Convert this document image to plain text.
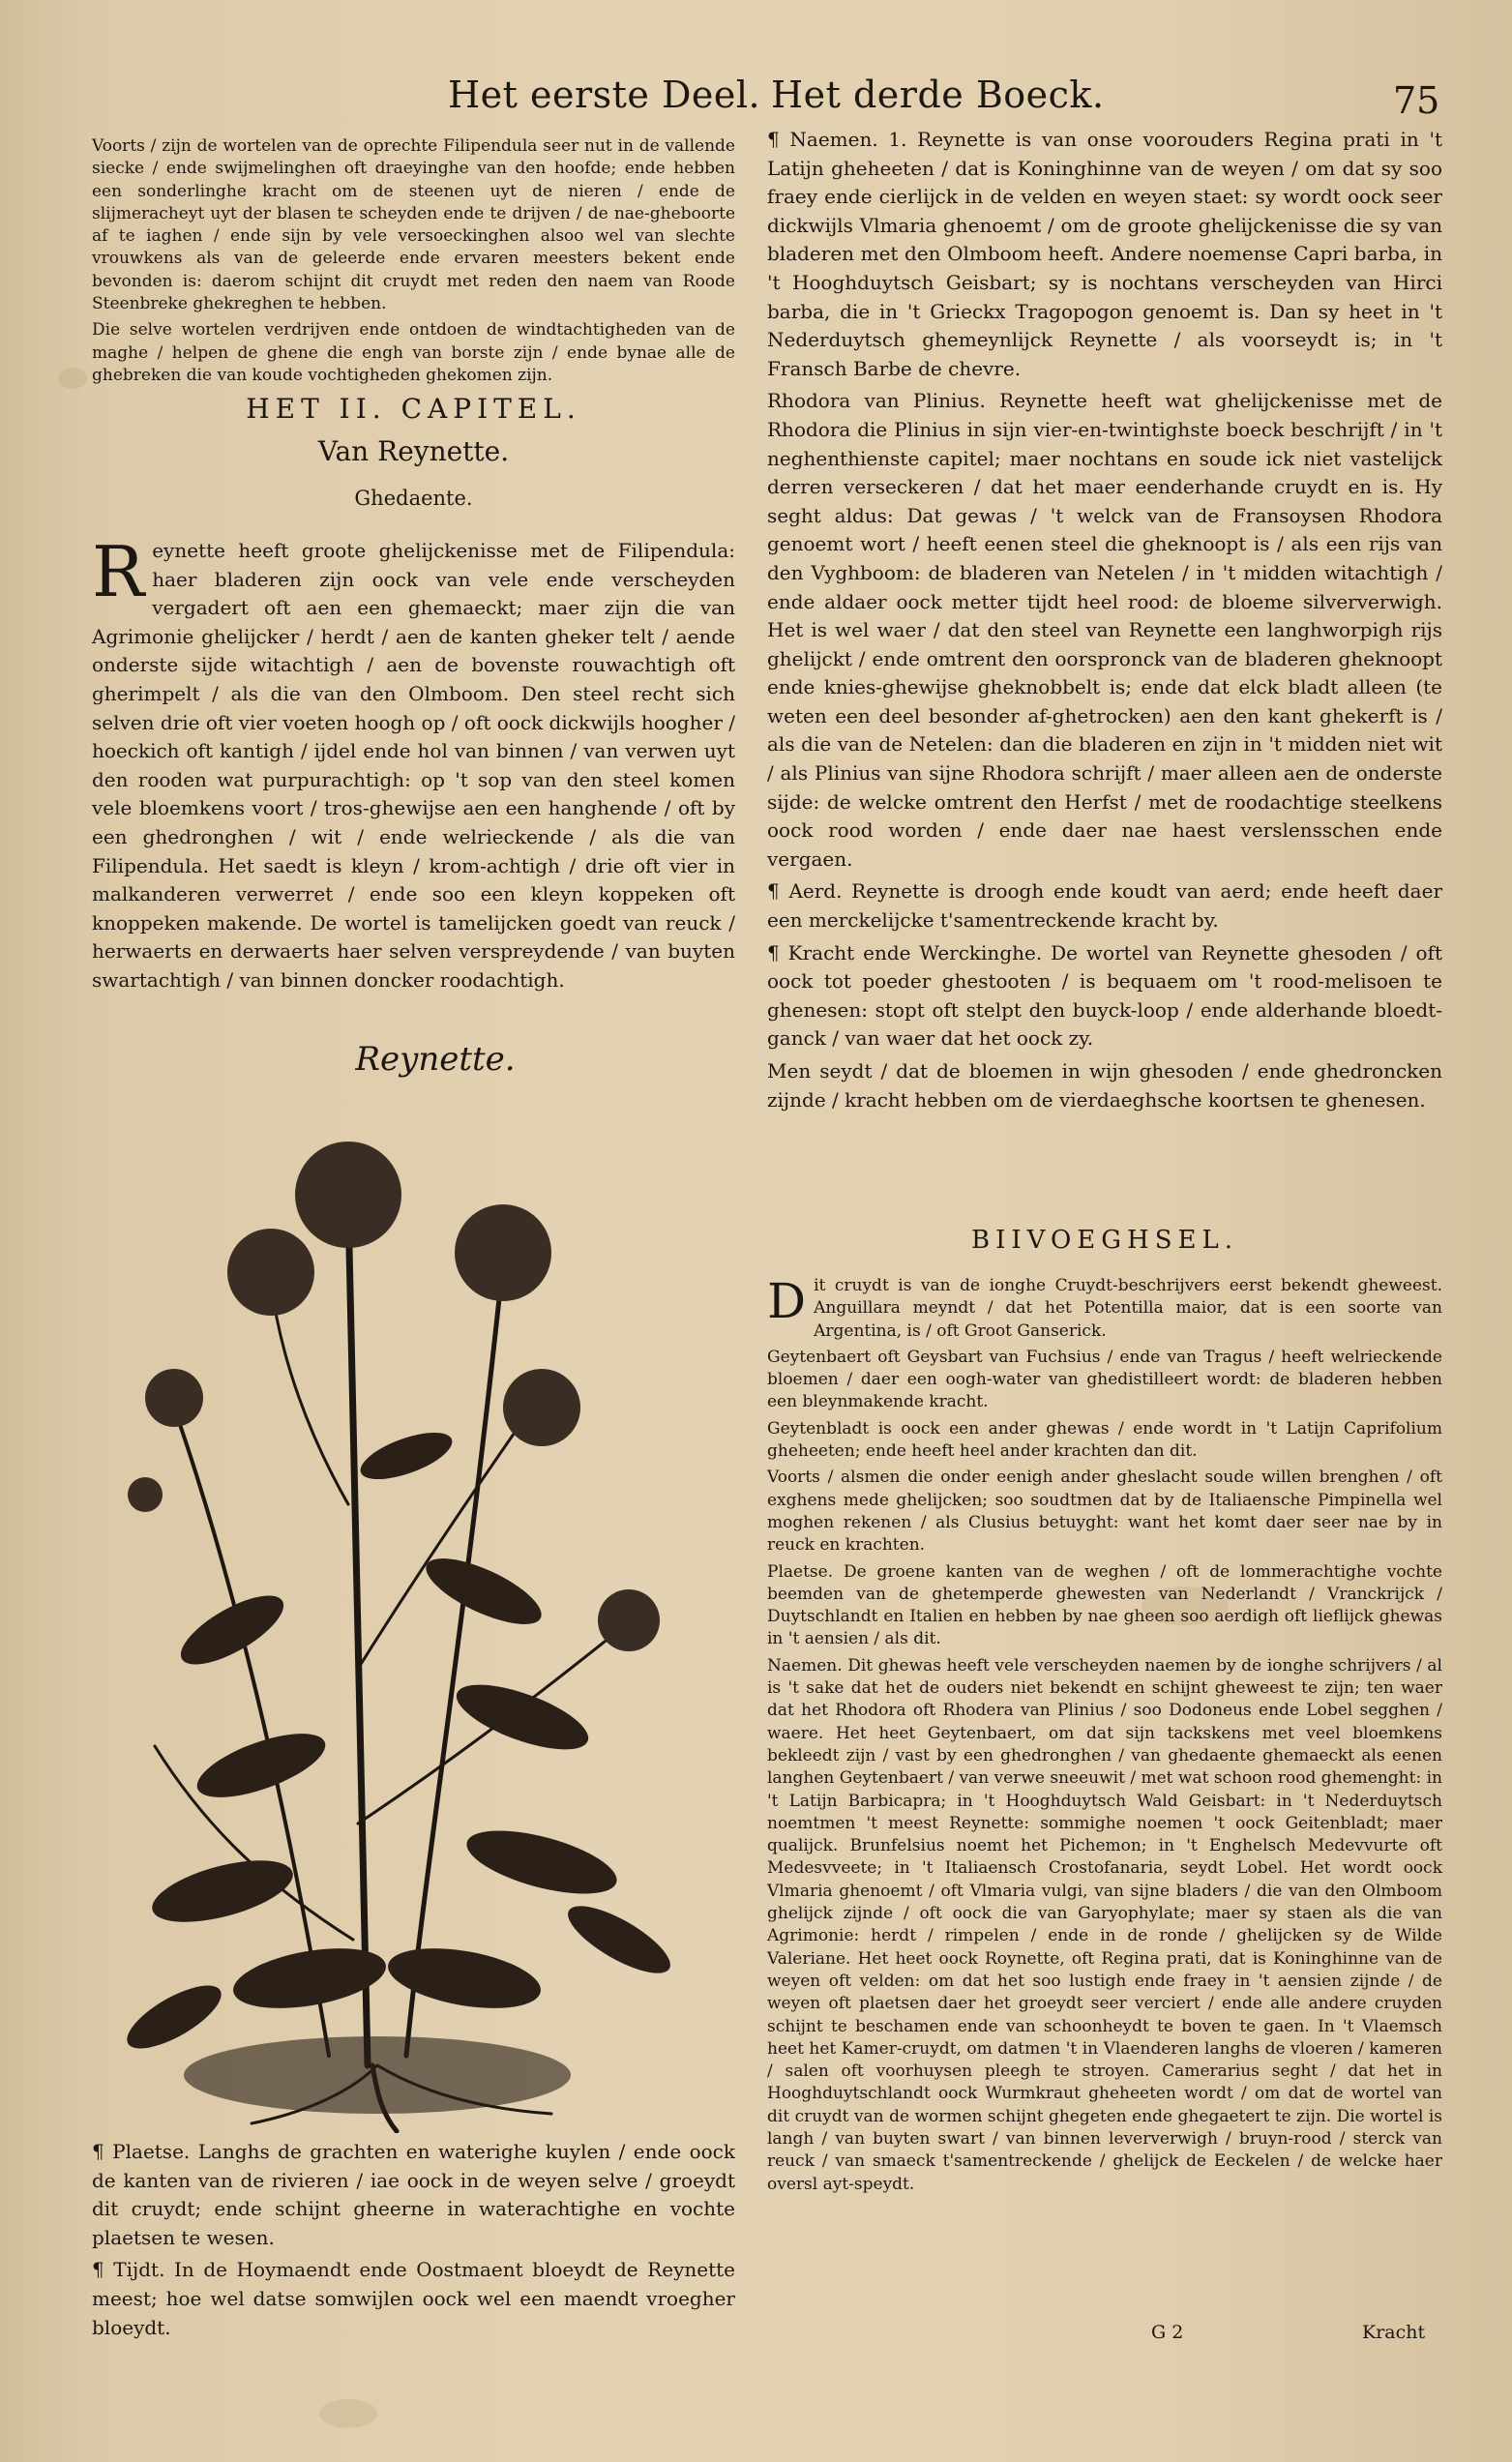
Het eerste Deel. Het derde Boeck.	75

Voorts / zijn de wortelen van de oprechte Filipendula seer nut in de vallende siecke / ende swijmelinghen oft draeyinghe van den hoofde; ende hebben een sonderlinghe kracht om de steenen uyt de nieren / ende de slijmeracheyt uyt der blasen te scheyden ende te drijven / de nae-gheboorte af te iaghen / ende sijn by vele versoeckinghen alsoo wel van slechte vrouwkens als van de geleerde ende ervaren meesters bekent ende bevonden is: daerom schijnt dit cruydt met reden den naem van Roode Steenbreke ghekreghen te hebben.

Die selve wortelen verdrijven ende ontdoen de windtachtigheden van de maghe / helpen de ghene die engh van borste zijn / ende bynae alle de ghebreken die van koude vochtigheden ghekomen zijn.

HET II. CAPITEL.

Van Reynette.

Ghedaente.

R eynette heeft groote ghelijckenisse met de Filipendula: haer bladeren zijn oock van vele ende verscheyden vergadert oft aen een ghemaeckt; maer zijn die van Agrimonie ghelijcker / herdt / aen de kanten gheker telt / aende onderste sijde witachtigh / aen de bovenste rouwachtigh oft gherimpelt / als die van den Olmboom. Den steel recht sich selven drie oft vier voeten hoogh op / oft oock dickwijls hoogher / hoeckich oft kantigh / ijdel ende hol van binnen / van verwen uyt den rooden wat purpurachtigh: op 't sop van den steel komen vele bloemkens voort / tros-ghewijse aen een hanghende / oft by een ghedronghen / wit / ende welrieckende / als die van Filipendula. Het saedt is kleyn / krom-achtigh / drie oft vier in malkanderen verwerret / ende soo een kleyn koppeken oft knoppeken makende. De wortel is tamelijcken goedt van reuck / herwaerts en derwaerts haer selven verspreydende / van buyten swartachtigh / van binnen doncker roodachtigh.
Reynette.

¶ Plaetse. Langhs de grachten en waterighe kuylen / ende oock de kanten van de rivieren / iae oock in de weyen selve / groeydt dit cruydt; ende schijnt gheerne in waterachtighe en vochte plaetsen te wesen.

¶ Tijdt. In de Hoymaendt ende Oostmaent bloeydt de Reynette meest; hoe wel datse somwijlen oock wel een maendt vroegher bloeydt.

¶ Naemen. 1. Reynette is van onse voorouders Regina prati in 't Latijn gheheeten / dat is Koninghinne van de weyen / om dat sy soo fraey ende cierlijck in de velden en weyen staet: sy wordt oock seer dickwijls Vlmaria ghenoemt / om de groote ghelijckenisse die sy van bladeren met den Olmboom heeft. Andere noemense Capri barba, in 't Hooghduytsch Geisbart; sy is nochtans verscheyden van Hirci barba, die in 't Grieckx Tragopogon genoemt is. Dan sy heet in 't Nederduytsch ghemeynlijck Reynette / als voorseydt is; in 't Fransch Barbe de chevre.

Rhodora van Plinius. Reynette heeft wat ghelijckenisse met de Rhodora die Plinius in sijn vier-en-twintighste boeck beschrijft / in 't neghenthienste capitel; maer nochtans en soude ick niet vastelijck derren verseckeren / dat het maer eenderhande cruydt en is. Hy seght aldus: Dat gewas / 't welck van de Fransoysen Rhodora genoemt wort / heeft eenen steel die gheknoopt is / als een rijs van den Vyghboom: de bladeren van Netelen / in 't midden witachtigh / ende aldaer oock metter tijdt heel rood: de bloeme silververwigh. Het is wel waer / dat den steel van Reynette een langhworpigh rijs ghelijckt / ende omtrent den oorspronck van de bladeren gheknoopt ende knies-ghewijse gheknobbelt is; ende dat elck bladt alleen (te weten een deel besonder af-ghetrocken) aen den kant ghekerft is / als die van de Netelen: dan die bladeren en zijn in 't midden niet wit / als Plinius van sijne Rhodora schrijft / maer alleen aen de onderste sijde: de welcke omtrent den Herfst / met de roodachtige steelkens oock rood worden / ende daer nae haest verslensschen ende vergaen.

¶ Aerd. Reynette is droogh ende koudt van aerd; ende heeft daer een merckelijcke t'samentreckende kracht by.

¶ Kracht ende Werckinghe. De wortel van Reynette ghesoden / oft oock tot poeder ghestooten / is bequaem om 't rood-melisoen te ghenesen: stopt oft stelpt den buyck-loop / ende alderhande bloedt-ganck / van waer dat het oock zy.

Men seydt / dat de bloemen in wijn ghesoden / ende ghedroncken zijnde / kracht hebben om de vierdaeghsche koortsen te ghenesen.

BIIVOEGHSEL.

Dit cruydt is van de ionghe Cruydt-beschrijvers eerst bekendt gheweest. Anguillara meyndt / dat het Potentilla maior, dat is een soorte van Argentina, is / oft Groot Ganserick.

Geytenbaert oft Geysbart van Fuchsius / ende van Tragus / heeft welrieckende bloemen / daer een oogh-water van ghedistilleert wordt: de bladeren hebben een bleynmakende kracht.

Geytenbladt is oock een ander ghewas / ende wordt in 't Latijn Caprifolium gheheeten; ende heeft heel ander krachten dan dit.

Voorts / alsmen die onder eenigh ander gheslacht soude willen brenghen / oft exghens mede ghelijcken; soo soudtmen dat by de Italiaensche Pimpinella wel moghen rekenen / als Clusius betuyght: want het komt daer seer nae by in reuck en krachten.

Plaetse. De groene kanten van de weghen / oft de lommerachtighe vochte beemden van de ghetemperde ghewesten van Nederlandt / Vranckrijck / Duytschlandt en Italien en hebben by nae gheen soo aerdigh oft lieflijck ghewas in 't aensien / als dit.

Naemen. Dit ghewas heeft vele verscheyden naemen by de ionghe schrijvers / al is 't sake dat het de ouders niet bekendt en schijnt gheweest te zijn; ten waer dat het Rhodora oft Rhodera van Plinius / soo Dodoneus ende Lobel segghen / waere. Het heet Geytenbaert, om dat sijn tackskens met veel bloemkens bekleedt zijn / vast by een ghedronghen / van ghedaente ghemaeckt als eenen langhen Geytenbaert / van verwe sneeuwit / met wat schoon rood ghemenght: in 't Latijn Barbicapra; in 't Hooghduytsch Wald Geisbart: in 't Nederduytsch noemtmen 't meest Reynette: sommighe noemen 't oock Geitenbladt; maer qualijck. Brunfelsius noemt het Pichemon; in 't Enghelsch Medevvurte oft Medesvveete; in 't Italiaensch Crostofanaria, seydt Lobel. Het wordt oock Vlmaria ghenoemt / oft Vlmaria vulgi, van sijne bladers / die van den Olmboom ghelijck zijnde / oft oock die van Garyophylate; maer sy staen als die van Agrimonie: herdt / rimpelen / ende in de ronde / ghelijcken sy de Wilde Valeriane. Het heet oock Roynette, oft Regina prati, dat is Koninghinne van de weyen oft velden: om dat het soo lustigh ende fraey in 't aensien zijnde / de weyen oft plaetsen daer het groeydt seer verciert / ende alle andere cruyden schijnt te beschamen ende van schoonheydt te boven te gaen. In 't Vlaemsch heet het Kamer-cruydt, om datmen 't in Vlaenderen langhs de vloeren / kameren / salen oft voorhuysen pleegh te stroyen. Camerarius seght / dat het in Hooghduytschlandt oock Wurmkraut gheheeten wordt / om dat de wortel van dit cruydt van de wormen schijnt ghegeten ende ghegaetert te zijn. Die wortel is langh / van buyten swart / van binnen leververwigh / bruyn-rood / sterck van reuck / van smaeck t'samentreckende / ghelijck de Eeckelen / de welcke haer oversl ayt-speydt.

G 2	Kracht
